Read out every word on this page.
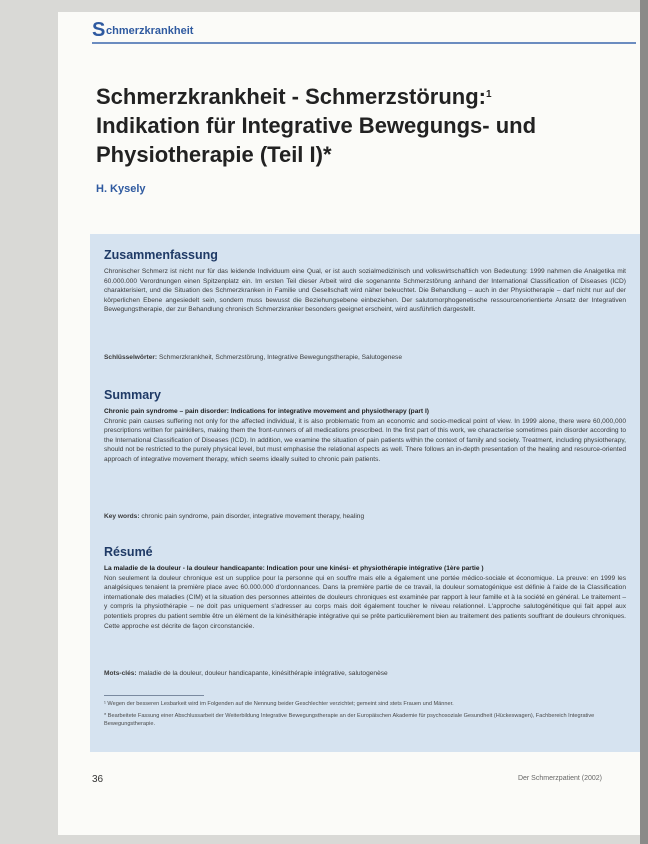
S chmerzkrankheit
Schmerzkrankheit - Schmerzstörung:$^1$
Indikation für Integrative Bewegungs- und
Physiotherapie (Teil I)*
H. Kysely
Zusammenfassung
Chronischer Schmerz ist nicht nur für das leidende Individuum eine Qual, er ist auch sozialmedizinisch und volkswirtschaftlich von Bedeutung: 1999 nahmen die Analgetika mit 60.000.000 Verordnungen einen Spitzenplatz ein. Im ersten Teil dieser Arbeit wird die sogenannte Schmerzstörung anhand der International Classification of Diseases (ICD) charakterisiert, und die Situation des Schmerzkranken in Familie und Gesellschaft wird näher beleuchtet. Die Behandlung – auch in der Physiotherapie – darf nicht nur auf der körperlichen Ebene angesiedelt sein, sondern muss bewusst die Beziehungsebene einbeziehen. Der salutomorphogenetische ressourcenorientierte Ansatz der Integrativen Bewegungstherapie, der zur Behandlung chronisch Schmerzkranker besonders geeignet erscheint, wird ausführlich dargestellt.
Schlüsselwörter: Schmerzkrankheit, Schmerzstörung, Integrative Bewegungstherapie, Salutogenese
Summary
Chronic pain syndrome – pain disorder: Indications for integrative movement and physiotherapy (part I)
Chronic pain causes suffering not only for the affected individual, it is also problematic from an economic and socio-medical point of view. In 1999 alone, there were 60,000,000 prescriptions written for painkillers, making them the front-runners of all medications prescribed. In the first part of this work, we characterise sometimes pain disorder according to the International Classification of Diseases (ICD). In addition, we examine the situation of pain patients within the context of family and society. Treatment, including physiotherapy, should not be restricted to the purely physical level, but must emphasise the relational aspects as well. There follows an in-depth presentation of the healing and resource-oriented approach of integrative movement therapy, which seems ideally suited to chronic pain patients.
Key words: chronic pain syndrome, pain disorder, integrative movement therapy, healing
Résumé
La maladie de la douleur - la douleur handicapante: Indication pour une kinési- et physiothérapie intégrative (1ère partie )
Non seulement la douleur chronique est un supplice pour la personne qui en souffre mais elle a également une portée médico-sociale et économique. La preuve: en 1999 les analgésiques tenaient la première place avec 60.000.000 d'ordonnances. Dans la première partie de ce travail, la douleur somatogénique est définie à l'aide de la Classification internationale des maladies (CIM) et la situation des personnes atteintes de douleurs chroniques est examinée par rapport à leur famille et à la société en général. Le traitement – y compris la physiothérapie – ne doit pas uniquement s'adresser au corps mais doit également toucher le niveau relationnel. L'approche salutogénétique qui fait appel aux potentiels propres du patient semble être un élément de la kinésithérapie intégrative qui se prête particulièrement bien au traitement des patients souffrant de douleurs chroniques. Cette approche est décrite de façon circonstanciée.
Mots-clés: maladie de la douleur, douleur handicapante, kinésithérapie intégrative, salutogenèse
¹ Wegen der besseren Lesbarkeit wird im Folgenden auf die Nennung beider Geschlechter verzichtet; gemeint sind stets Frauen und Männer.
* Bearbeitete Fassung einer Abschlussarbeit der Weiterbildung Integrative Bewegungstherapie an der Europäischen Akademie für psychosoziale Gesundheit (Hückeswagen), Fachbereich Integrative Bewegungstherapie.
36	Der Schmerzpatient (2002)
